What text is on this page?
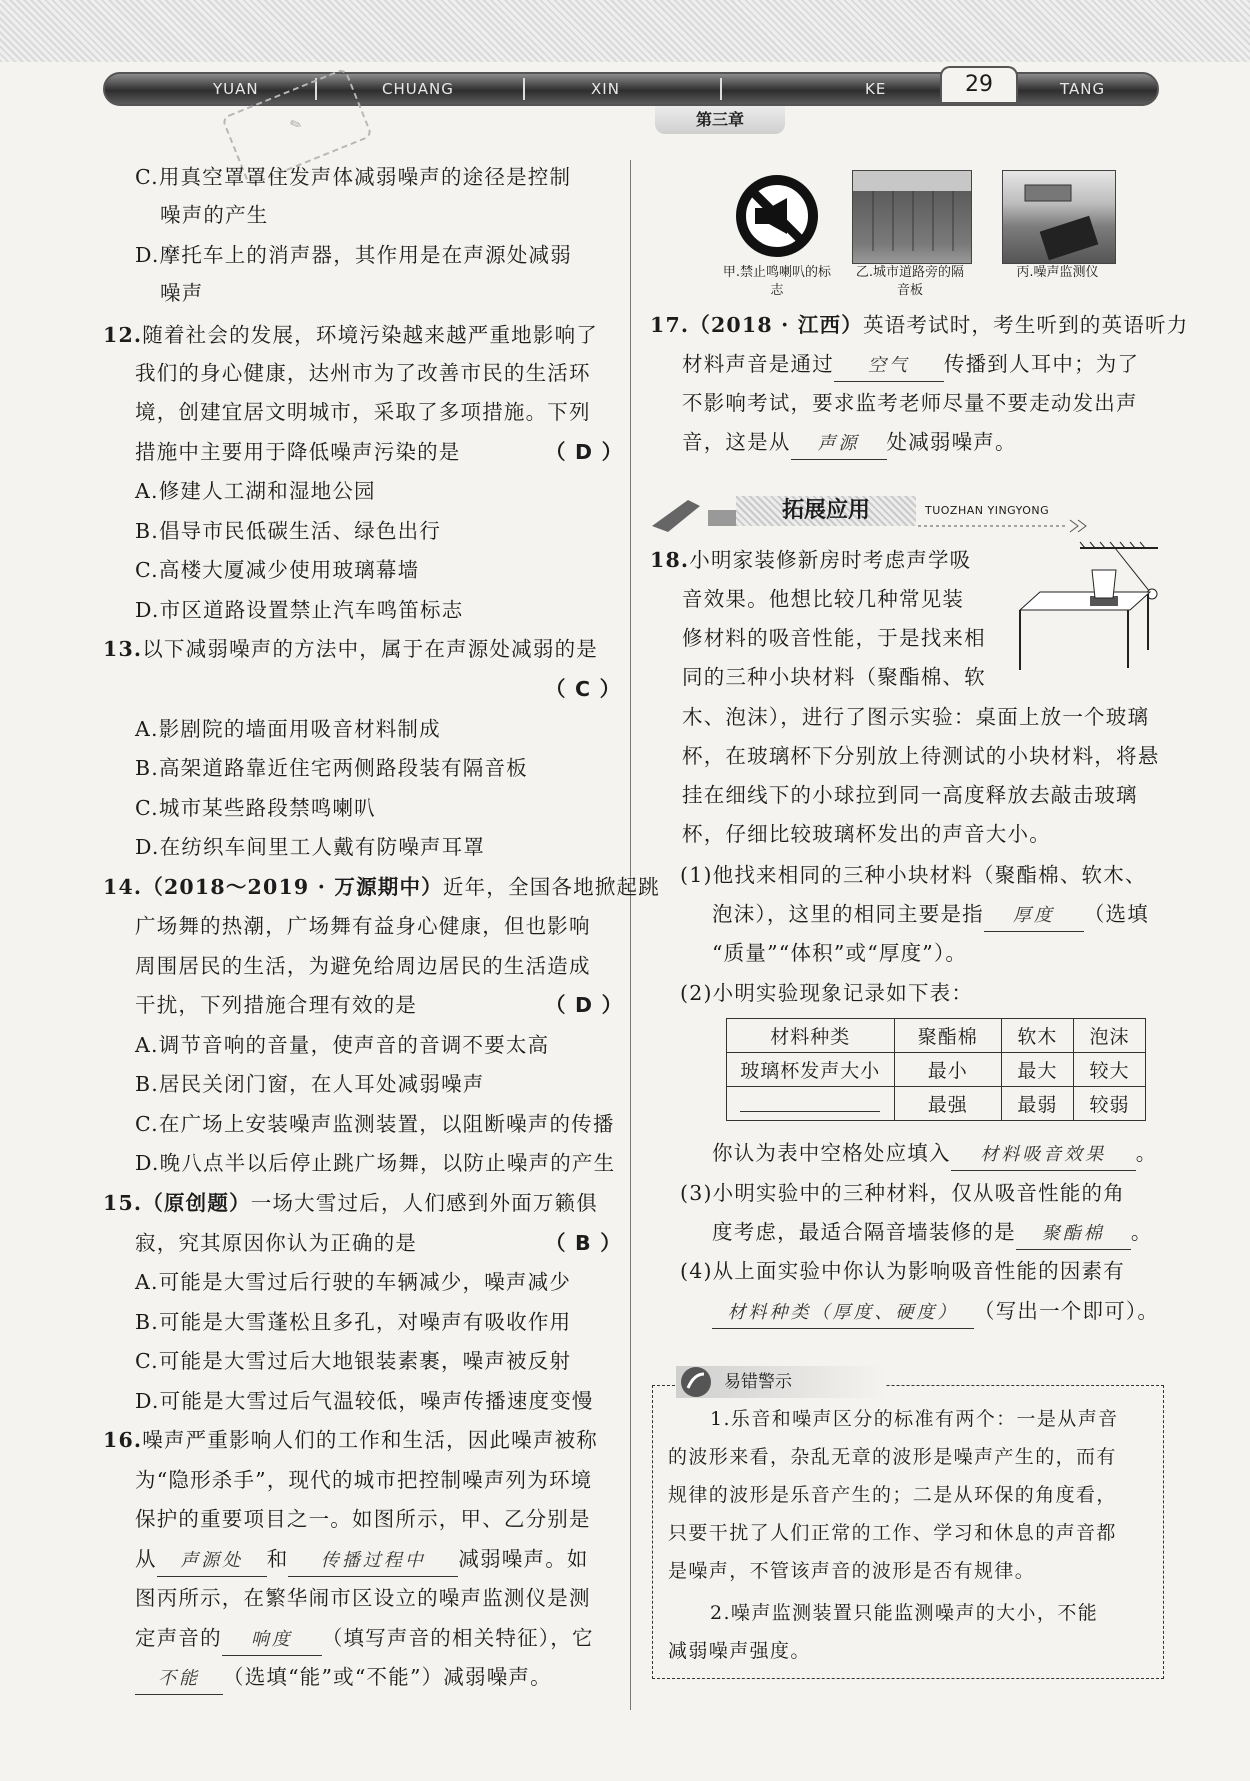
YUAN	CHUANG	XIN	KE	TANG
29
第三章
✎
C.用真空罩罩住发声体减弱噪声的途径是控制
噪声的产生
D.摩托车上的消声器，其作用是在声源处减弱
噪声
12.随着社会的发展，环境污染越来越严重地影响了
我们的身心健康，达州市为了改善市民的生活环
境，创建宜居文明城市，采取了多项措施。下列
措施中主要用于降低噪声污染的是	（ D ）
A.修建人工湖和湿地公园
B.倡导市民低碳生活、绿色出行
C.高楼大厦减少使用玻璃幕墙
D.市区道路设置禁止汽车鸣笛标志
13.以下减弱噪声的方法中，属于在声源处减弱的是
（ C ）
A.影剧院的墙面用吸音材料制成
B.高架道路靠近住宅两侧路段装有隔音板
C.城市某些路段禁鸣喇叭
D.在纺织车间里工人戴有防噪声耳罩
14.（2018～2019 · 万源期中）近年，全国各地掀起跳
广场舞的热潮，广场舞有益身心健康，但也影响
周围居民的生活，为避免给周边居民的生活造成
干扰，下列措施合理有效的是	（ D ）
A.调节音响的音量，使声音的音调不要太高
B.居民关闭门窗，在人耳处减弱噪声
C.在广场上安装噪声监测装置，以阻断噪声的传播
D.晚八点半以后停止跳广场舞，以防止噪声的产生
15.（原创题）一场大雪过后，人们感到外面万籁俱
寂，究其原因你认为正确的是	（ B ）
A.可能是大雪过后行驶的车辆减少，噪声减少
B.可能是大雪蓬松且多孔，对噪声有吸收作用
C.可能是大雪过后大地银装素裹，噪声被反射
D.可能是大雪过后气温较低，噪声传播速度变慢
16.噪声严重影响人们的工作和生活，因此噪声被称
为“隐形杀手”，现代的城市把控制噪声列为环境
保护的重要项目之一。如图所示，甲、乙分别是
从 声源处 和 传播过程中 减弱噪声。如
图丙所示，在繁华闹市区设立的噪声监测仪是测
定声音的 响度 （填写声音的相关特征），它
不能 （选填“能”或“不能”）减弱噪声。
甲.禁止鸣喇叭的标志
乙.城市道路旁的隔音板
丙.噪声监测仪
17.（2018 · 江西）英语考试时，考生听到的英语听力
材料声音是通过 空气 传播到人耳中；为了
不影响考试，要求监考老师尽量不要走动发出声
音，这是从 声源 处减弱噪声。
拓展应用	TUOZHAN YINGYONG
18.小明家装修新房时考虑声学吸
音效果。他想比较几种常见装
修材料的吸音性能，于是找来相
同的三种小块材料（聚酯棉、软
木、泡沫），进行了图示实验：桌面上放一个玻璃
杯，在玻璃杯下分别放上待测试的小块材料，将悬
挂在细线下的小球拉到同一高度释放去敲击玻璃
杯，仔细比较玻璃杯发出的声音大小。
(1)他找来相同的三种小块材料（聚酯棉、软木、
泡沫），这里的相同主要是指 厚度 （选填
“质量”“体积”或“厚度”）。
(2)小明实验现象记录如下表：
材料种类	聚酯棉	软木	泡沫
玻璃杯发声大小	最小	最大	较大
	最强	最弱	较弱
你认为表中空格处应填入 材料吸音效果 。
(3)小明实验中的三种材料，仅从吸音性能的角
度考虑，最适合隔音墙装修的是 聚酯棉 。
(4)从上面实验中你认为影响吸音性能的因素有
材料种类（厚度、硬度） （写出一个即可）。
易错警示
1.乐音和噪声区分的标准有两个：一是从声音
的波形来看，杂乱无章的波形是噪声产生的，而有
规律的波形是乐音产生的；二是从环保的角度看，
只要干扰了人们正常的工作、学习和休息的声音都
是噪声，不管该声音的波形是否有规律。
2.噪声监测装置只能监测噪声的大小，不能
减弱噪声强度。
